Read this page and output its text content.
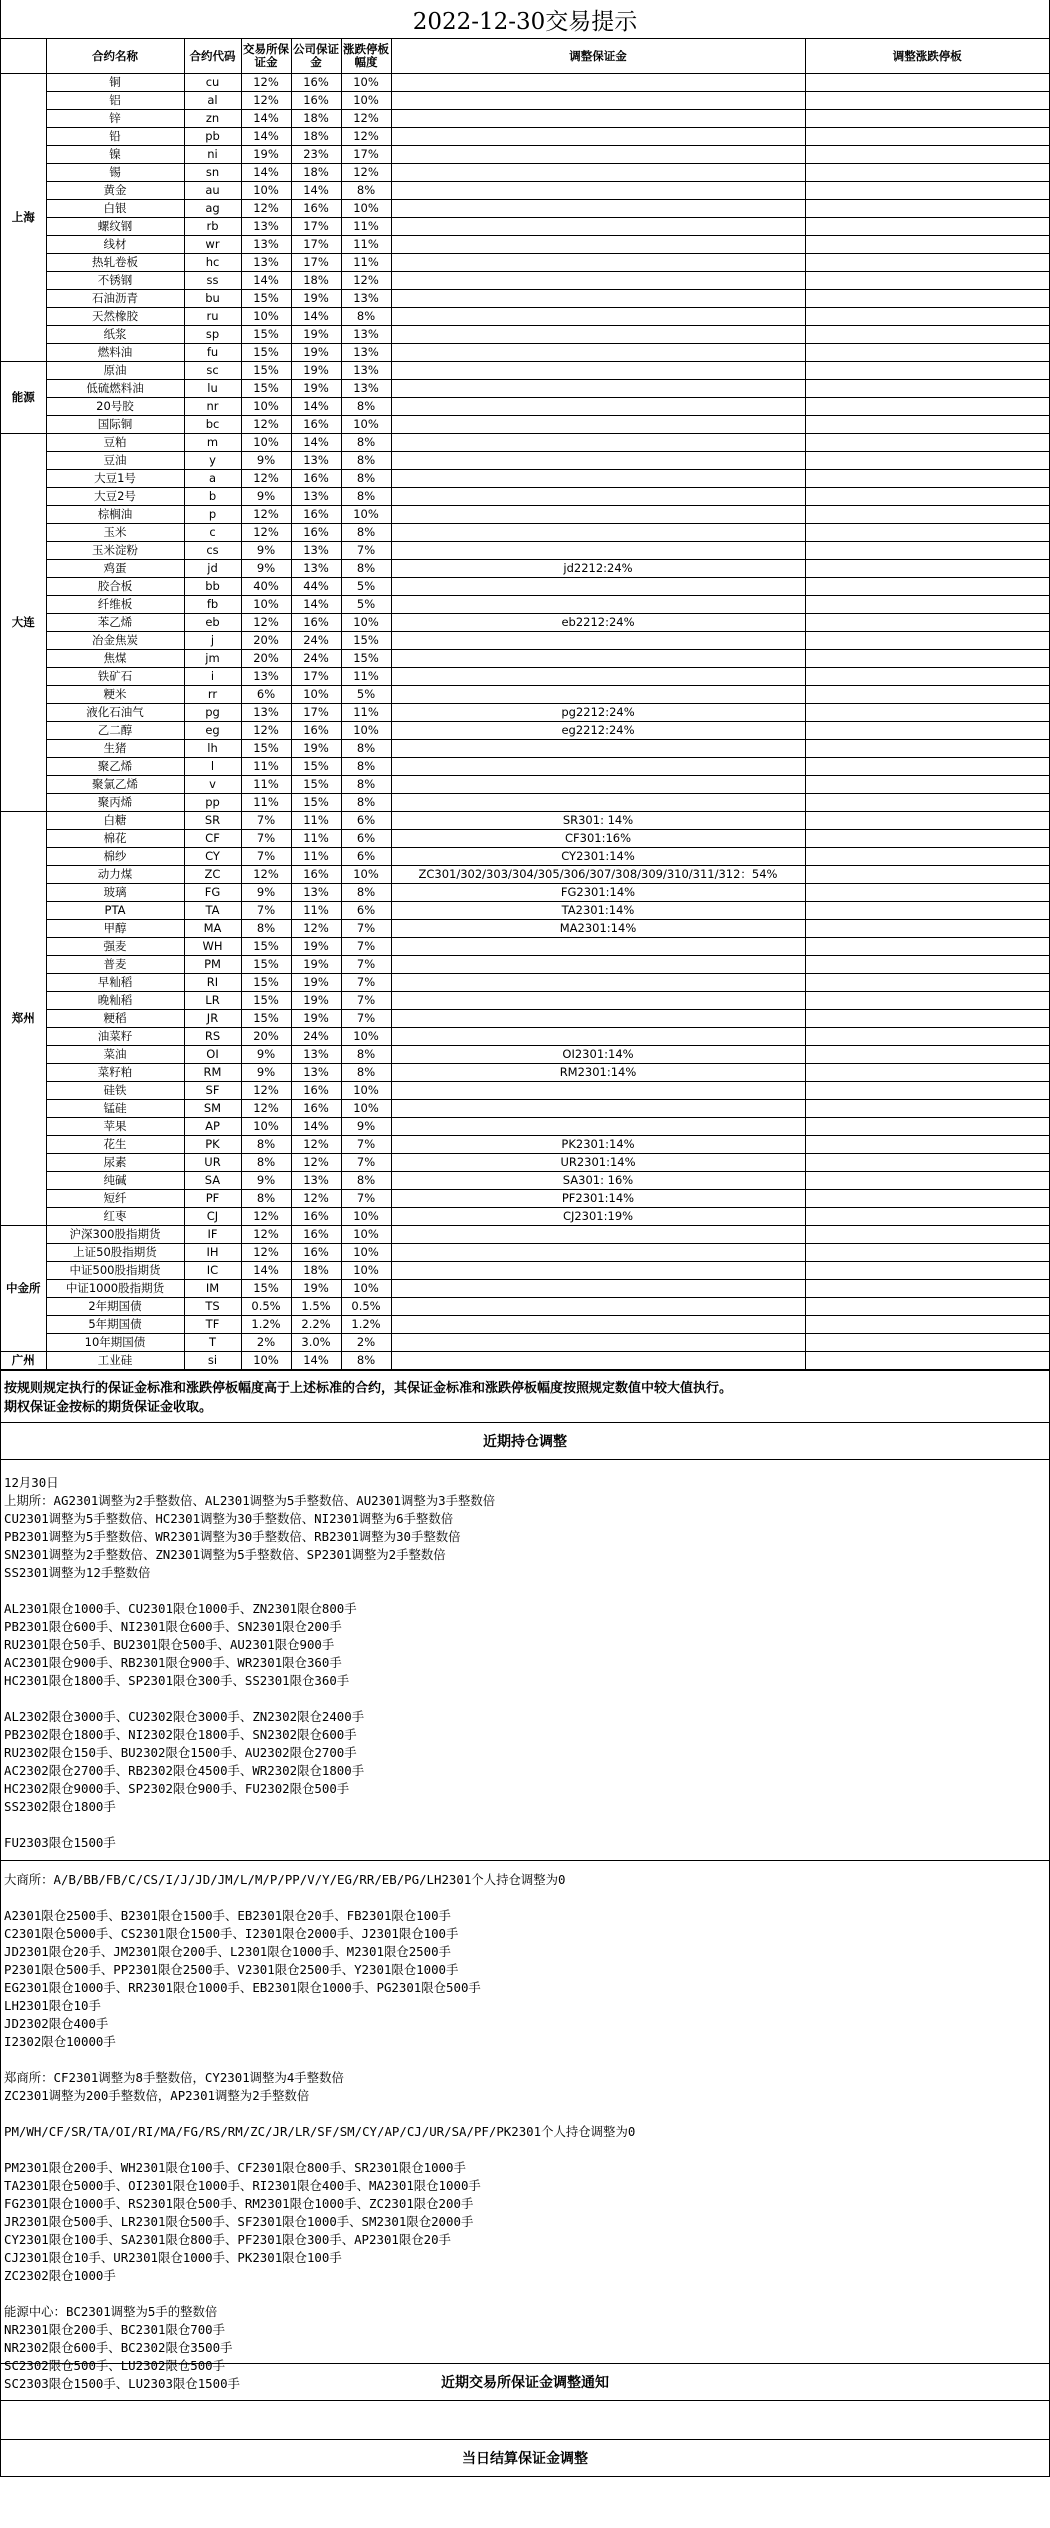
2022-12-30交易提示
	合约名称	合约代码	交易所保证金	公司保证金	涨跌停板幅度	调整保证金	调整涨跌停板
上海	铜	cu	12%	16%	10%		
	铝	al	12%	16%	10%		
	锌	zn	14%	18%	12%		
	铅	pb	14%	18%	12%		
	镍	ni	19%	23%	17%		
	锡	sn	14%	18%	12%		
	黄金	au	10%	14%	8%		
	白银	ag	12%	16%	10%		
	螺纹钢	rb	13%	17%	11%		
	线材	wr	13%	17%	11%		
	热轧卷板	hc	13%	17%	11%		
	不锈钢	ss	14%	18%	12%		
	石油沥青	bu	15%	19%	13%		
	天然橡胶	ru	10%	14%	8%		
	纸浆	sp	15%	19%	13%		
	燃料油	fu	15%	19%	13%		
能源	原油	sc	15%	19%	13%		
	低硫燃料油	lu	15%	19%	13%		
	20号胶	nr	10%	14%	8%		
	国际铜	bc	12%	16%	10%		
大连	豆粕	m	10%	14%	8%		
	豆油	y	9%	13%	8%		
	大豆1号	a	12%	16%	8%		
	大豆2号	b	9%	13%	8%		
	棕榈油	p	12%	16%	10%		
	玉米	c	12%	16%	8%		
	玉米淀粉	cs	9%	13%	7%		
	鸡蛋	jd	9%	13%	8%	jd2212:24%	
	胶合板	bb	40%	44%	5%		
	纤维板	fb	10%	14%	5%		
	苯乙烯	eb	12%	16%	10%	eb2212:24%	
	冶金焦炭	j	20%	24%	15%		
	焦煤	jm	20%	24%	15%		
	铁矿石	i	13%	17%	11%		
	粳米	rr	6%	10%	5%		
	液化石油气	pg	13%	17%	11%	pg2212:24%	
	乙二醇	eg	12%	16%	10%	eg2212:24%	
	生猪	lh	15%	19%	8%		
	聚乙烯	l	11%	15%	8%		
	聚氯乙烯	v	11%	15%	8%		
	聚丙烯	pp	11%	15%	8%		
郑州	白糖	SR	7%	11%	6%	SR301: 14%	
	棉花	CF	7%	11%	6%	CF301:16%	
	棉纱	CY	7%	11%	6%	CY2301:14%	
	动力煤	ZC	12%	16%	10%	ZC301/302/303/304/305/306/307/308/309/310/311/312：54%	
	玻璃	FG	9%	13%	8%	FG2301:14%	
	PTA	TA	7%	11%	6%	TA2301:14%	
	甲醇	MA	8%	12%	7%	MA2301:14%	
	强麦	WH	15%	19%	7%		
	普麦	PM	15%	19%	7%		
	早籼稻	RI	15%	19%	7%		
	晚籼稻	LR	15%	19%	7%		
	粳稻	JR	15%	19%	7%		
	油菜籽	RS	20%	24%	10%		
	菜油	OI	9%	13%	8%	OI2301:14%	
	菜籽粕	RM	9%	13%	8%	RM2301:14%	
	硅铁	SF	12%	16%	10%		
	锰硅	SM	12%	16%	10%		
	苹果	AP	10%	14%	9%		
	花生	PK	8%	12%	7%	PK2301:14%	
	尿素	UR	8%	12%	7%	UR2301:14%	
	纯碱	SA	9%	13%	8%	SA301: 16%	
	短纤	PF	8%	12%	7%	PF2301:14%	
	红枣	CJ	12%	16%	10%	CJ2301:19%	
中金所	沪深300股指期货	IF	12%	16%	10%		
	上证50股指期货	IH	12%	16%	10%		
	中证500股指期货	IC	14%	18%	10%		
	中证1000股指期货	IM	15%	19%	10%		
	2年期国债	TS	0.5%	1.5%	0.5%		
	5年期国债	TF	1.2%	2.2%	1.2%		
	10年期国债	T	2%	3.0%	2%		
广州	工业硅	si	10%	14%	8%		
按规则规定执行的保证金标准和涨跌停板幅度高于上述标准的合约，其保证金标准和涨跌停板幅度按照规定数值中较大值执行。
期权保证金按标的期货保证金收取。
近期持仓调整
12月30日
上期所：AG2301调整为2手整数倍、AL2301调整为5手整数倍、AU2301调整为3手整数倍
CU2301调整为5手整数倍、HC2301调整为30手整数倍、NI2301调整为6手整数倍
PB2301调整为5手整数倍、WR2301调整为30手整数倍、RB2301调整为30手整数倍
SN2301调整为2手整数倍、ZN2301调整为5手整数倍、SP2301调整为2手整数倍
SS2301调整为12手整数倍

AL2301限仓1000手、CU2301限仓1000手、ZN2301限仓800手
PB2301限仓600手、NI2301限仓600手、SN2301限仓200手
RU2301限仓50手、BU2301限仓500手、AU2301限仓900手
AC2301限仓900手、RB2301限仓900手、WR2301限仓360手
HC2301限仓1800手、SP2301限仓300手、SS2301限仓360手

AL2302限仓3000手、CU2302限仓3000手、ZN2302限仓2400手
PB2302限仓1800手、NI2302限仓1800手、SN2302限仓600手
RU2302限仓150手、BU2302限仓1500手、AU2302限仓2700手
AC2302限仓2700手、RB2302限仓4500手、WR2302限仓1800手
HC2302限仓9000手、SP2302限仓900手、FU2302限仓500手
SS2302限仓1800手

FU2303限仓1500手
大商所：A/B/BB/FB/C/CS/I/J/JD/JM/L/M/P/PP/V/Y/EG/RR/EB/PG/LH2301个人持仓调整为0

A2301限仓2500手、B2301限仓1500手、EB2301限仓20手、FB2301限仓100手
C2301限仓5000手、CS2301限仓1500手、I2301限仓2000手、J2301限仓100手
JD2301限仓20手、JM2301限仓200手、L2301限仓1000手、M2301限仓2500手
P2301限仓500手、PP2301限仓2500手、V2301限仓2500手、Y2301限仓1000手
EG2301限仓1000手、RR2301限仓1000手、EB2301限仓1000手、PG2301限仓500手
LH2301限仓10手
JD2302限仓400手
I2302限仓10000手

郑商所：CF2301调整为8手整数倍，CY2301调整为4手整数倍
ZC2301调整为200手整数倍，AP2301调整为2手整数倍

PM/WH/CF/SR/TA/OI/RI/MA/FG/RS/RM/ZC/JR/LR/SF/SM/CY/AP/CJ/UR/SA/PF/PK2301个人持仓调整为0

PM2301限仓200手、WH2301限仓100手、CF2301限仓800手、SR2301限仓1000手
TA2301限仓5000手、OI2301限仓1000手、RI2301限仓400手、MA2301限仓1000手
FG2301限仓1000手、RS2301限仓500手、RM2301限仓1000手、ZC2301限仓200手
JR2301限仓500手、LR2301限仓500手、SF2301限仓1000手、SM2301限仓2000手
CY2301限仓100手、SA2301限仓800手、PF2301限仓300手、AP2301限仓20手
CJ2301限仓10手、UR2301限仓1000手、PK2301限仓100手
ZC2302限仓1000手

能源中心：BC2301调整为5手的整数倍
NR2301限仓200手、BC2301限仓700手
NR2302限仓600手、BC2302限仓3500手
SC2302限仓500手、LU2302限仓500手
SC2303限仓1500手、LU2303限仓1500手	近期交易所保证金调整通知
当日结算保证金调整
